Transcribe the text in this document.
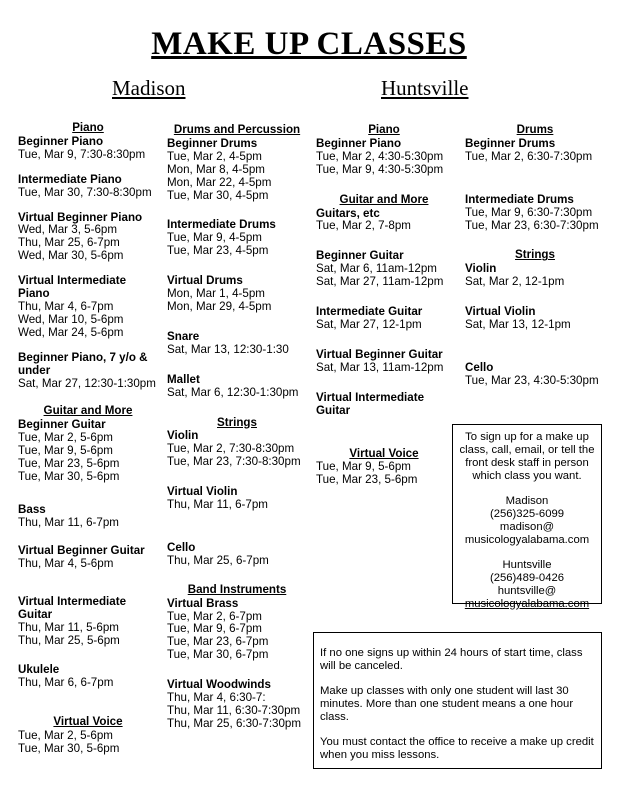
MAKE UP CLASSES
Madison	Huntsville
Piano
Beginner Piano
Tue, Mar 9, 7:30-8:30pm
Intermediate Piano
Tue, Mar 30, 7:30-8:30pm
Virtual Beginner Piano
Wed, Mar 3, 5-6pm
Thu, Mar 25, 6-7pm
Wed, Mar 30, 5-6pm
Virtual Intermediate
Piano
Thu, Mar 4, 6-7pm
Wed, Mar 10, 5-6pm
Wed, Mar 24, 5-6pm
Beginner Piano, 7 y/o &
under
Sat, Mar 27, 12:30-1:30pm
Guitar and More
Beginner Guitar
Tue, Mar 2, 5-6pm
Tue, Mar 9, 5-6pm
Tue, Mar 23, 5-6pm
Tue, Mar 30, 5-6pm
Bass
Thu, Mar 11, 6-7pm
Virtual Beginner Guitar
Thu, Mar 4, 5-6pm
Virtual Intermediate
Guitar
Thu, Mar 11, 5-6pm
Thu, Mar 25, 5-6pm
Ukulele
Thu, Mar 6, 6-7pm
Virtual Voice
Tue, Mar 2, 5-6pm
Tue, Mar 30, 5-6pm
Drums and Percussion
Beginner Drums
Tue, Mar 2, 4-5pm
Mon, Mar 8, 4-5pm
Mon, Mar 22, 4-5pm
Tue, Mar 30, 4-5pm
Intermediate Drums
Tue, Mar 9, 4-5pm
Tue, Mar 23, 4-5pm
Virtual Drums
Mon, Mar 1, 4-5pm
Mon, Mar 29, 4-5pm
Snare
Sat, Mar 13, 12:30-1:30
Mallet
Sat, Mar 6, 12:30-1:30pm
Strings
Violin
Tue, Mar 2, 7:30-8:30pm
Tue, Mar 23, 7:30-8:30pm
Virtual Violin
Thu, Mar 11, 6-7pm
Cello
Thu, Mar 25, 6-7pm
Band Instruments
Virtual Brass
Tue, Mar 2, 6-7pm
Tue, Mar 9, 6-7pm
Tue, Mar 23, 6-7pm
Tue, Mar 30, 6-7pm
Virtual Woodwinds
Thu, Mar 4, 6:30-7:
Thu, Mar 11, 6:30-7:30pm
Thu, Mar 25, 6:30-7:30pm
Piano
Beginner Piano
Tue, Mar 2, 4:30-5:30pm
Tue, Mar 9, 4:30-5:30pm
Guitar and More
Guitars, etc
Tue, Mar 2, 7-8pm
Beginner Guitar
Sat, Mar 6, 11am-12pm
Sat, Mar 27, 11am-12pm
Intermediate Guitar
Sat, Mar 27, 12-1pm
Virtual Beginner Guitar
Sat, Mar 13, 11am-12pm
Virtual Intermediate
Guitar
Virtual Voice
Tue, Mar 9, 5-6pm
Tue, Mar 23, 5-6pm
Drums
Beginner Drums
Tue, Mar 2, 6:30-7:30pm
Intermediate Drums
Tue, Mar 9, 6:30-7:30pm
Tue, Mar 23, 6:30-7:30pm
Strings
Violin
Sat, Mar 2, 12-1pm
Virtual Violin
Sat, Mar 13, 12-1pm
Cello
Tue, Mar 23, 4:30-5:30pm
To sign up for a make up
class, call, email, or tell the
front desk staff in person
which class you want.
Madison
(256)325-6099
madison@
musicologyalabama.com
Huntsville
(256)489-0426
huntsville@
musicologyalabama.com

If no one signs up within 24 hours of start time, class will be canceled.

Make up classes with only one student will last 30 minutes. More than one student means a one hour class.

You must contact the office to receive a make up credit when you miss lessons.
